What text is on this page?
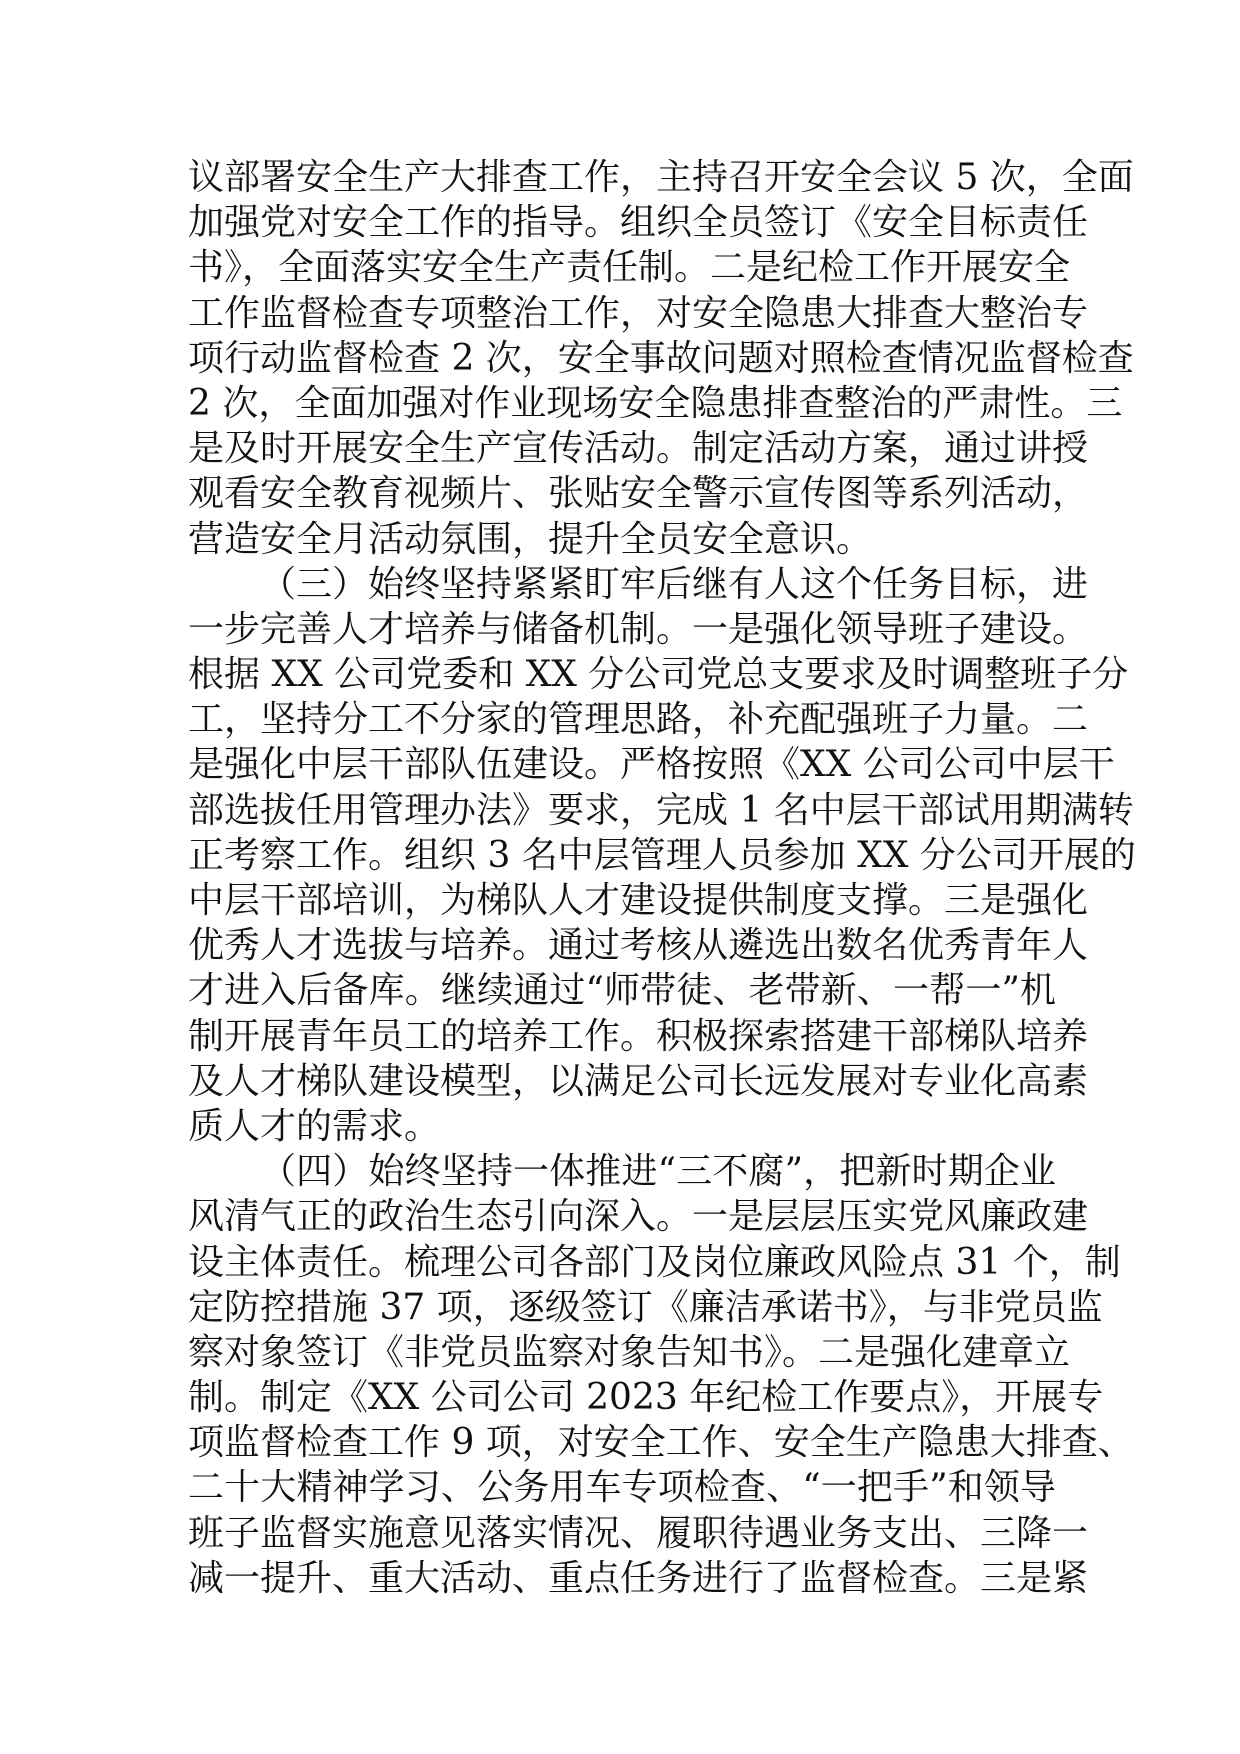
议部署安全生产大排查工作，主持召开安全会议 5 次，全面
加强党对安全工作的指导。组织全员签订《安全目标责任
书》，全面落实安全生产责任制。二是纪检工作开展安全
工作监督检查专项整治工作，对安全隐患大排查大整治专
项行动监督检查 2 次，安全事故问题对照检查情况监督检查
2 次，全面加强对作业现场安全隐患排查整治的严肃性。三
是及时开展安全生产宣传活动。制定活动方案，通过讲授
观看安全教育视频片、张贴安全警示宣传图等系列活动，
营造安全月活动氛围，提升全员安全意识。
（三）始终坚持紧紧盯牢后继有人这个任务目标，进
一步完善人才培养与储备机制。一是强化领导班子建设。
根据 XX 公司党委和 XX 分公司党总支要求及时调整班子分
工，坚持分工不分家的管理思路，补充配强班子力量。二
是强化中层干部队伍建设。严格按照《XX 公司公司中层干
部选拔任用管理办法》要求，完成 1 名中层干部试用期满转
正考察工作。组织 3 名中层管理人员参加 XX 分公司开展的
中层干部培训，为梯队人才建设提供制度支撑。三是强化
优秀人才选拔与培养。通过考核从遴选出数名优秀青年人
才进入后备库。继续通过“师带徒、老带新、一帮一”机
制开展青年员工的培养工作。积极探索搭建干部梯队培养
及人才梯队建设模型，以满足公司长远发展对专业化高素
质人才的需求。
（四）始终坚持一体推进“三不腐”，把新时期企业
风清气正的政治生态引向深入。一是层层压实党风廉政建
设主体责任。梳理公司各部门及岗位廉政风险点 31 个，制
定防控措施 37 项，逐级签订《廉洁承诺书》，与非党员监
察对象签订《非党员监察对象告知书》。二是强化建章立
制。制定《XX 公司公司 2023 年纪检工作要点》，开展专
项监督检查工作 9 项，对安全工作、安全生产隐患大排查、
二十大精神学习、公务用车专项检查、“一把手”和领导
班子监督实施意见落实情况、履职待遇业务支出、三降一
减一提升、重大活动、重点任务进行了监督检查。三是紧
